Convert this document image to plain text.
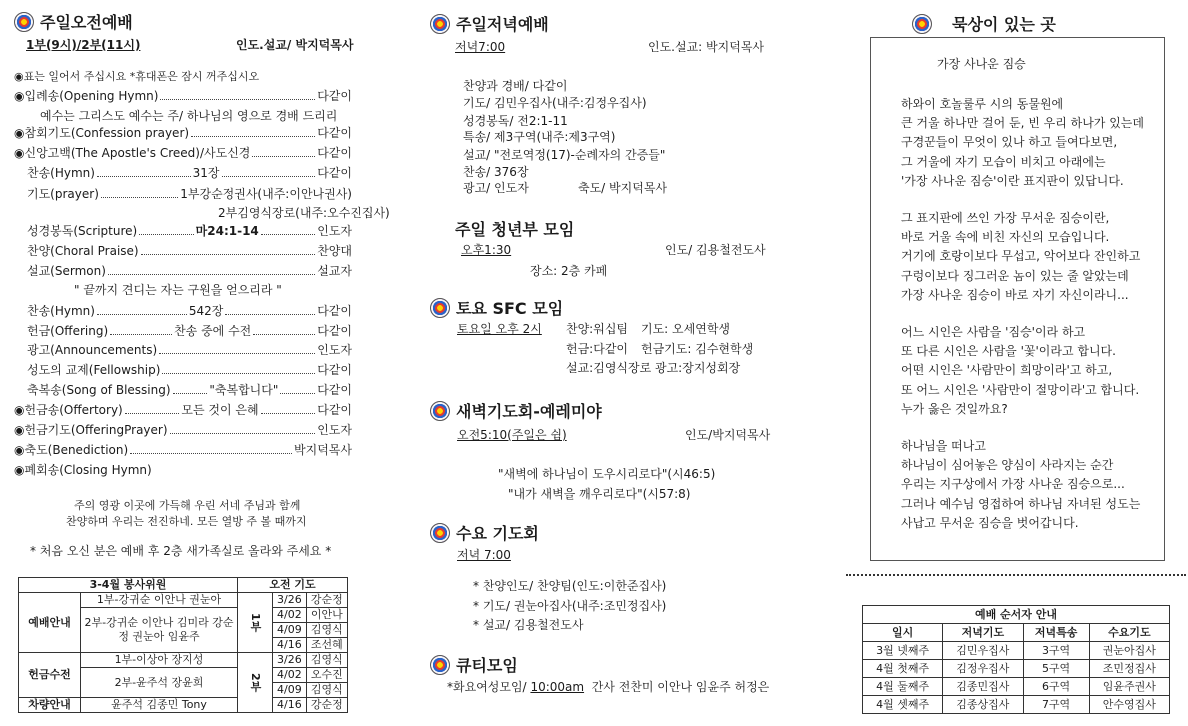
주일오전예배
1부(9시)/2부(11시)	인도.설교/ 박지덕목사
◉표는 일어서 주십시요 *휴대폰은 잠시 꺼주십시오
◉입례송(Opening Hymn)	다같이
예수는 그리스도 예수는 주/ 하나님의 영으로 경배 드리리
◉참회기도(Confession prayer)	다같이
◉신앙고백(The Apostle's Creed)/사도신경	다같이
찬송(Hymn)	31장	다같이
기도(prayer)	1부강순정권사(내주:이안나권사)
2부김영식장로(내주:오수진집사)
성경봉독(Scripture)	마24:1-14	인도자
찬양(Choral Praise)	찬양대
설교(Sermon)	설교자
" 끝까지 견디는 자는 구원을 얻으리라 "
찬송(Hymn)	542장	다같이
헌금(Offering)	찬송 중에 수전	다같이
광고(Announcements)	인도자
성도의 교제(Fellowship)	다같이
축복송(Song of Blessing)	"축복합니다"	다같이
◉헌금송(Offertory)	모든 것이 은혜	다같이
◉헌금기도(OfferingPrayer)	인도자
◉축도(Benediction)	박지덕목사
◉폐회송(Closing Hymn)
주의 영광 이곳에 가득해 우린 서네 주님과 함께
찬양하며 우리는 전진하네. 모든 열방 주 볼 때까지
* 처음 오신 분은 예배 후 2층 새가족실로 올라와 주세요 *
3-4월 봉사위원		오전 기도		
예배안내	1부-강귀순 이안나 권눈아	1부	3/26	강순정
	2부-강귀순 이안나 김미라 강순정 권눈아 임윤주		4/02	이안나
			4/09	김영식
			4/16	조선혜
헌금수전	1부-이상아 장지성	2부	3/26	김영식
	2부-윤주석 장윤희		4/02	오수진
			4/09	김영식
차량안내	윤주석 김종민 Tony		4/16	강순정
주일저녁예배
저녁7:00	인도.설교: 박지덕목사
찬양과 경배/ 다같이
기도/ 김민우집사(내주:김정우집사)
성경봉독/ 전2:1-11
특송/ 제3구역(내주:제3구역)
설교/ "전로역정(17)-순례자의 간증들"
찬송/ 376장
광고/ 인도자	축도/ 박지덕목사
주일 청년부 모임
오후1:30	인도/ 김용철전도사
장소: 2층 카페
토요 SFC 모임
토요일 오후 2시 찬양:워십팀 기도: 오세연학생
헌금:다같이 헌금기도: 김수현학생
설교:김영식장로 광고:장지성회장
새벽기도회-예레미야
오전5:10(주일은 쉼)	인도/박지덕목사
"새벽에 하나님이 도우시리로다"(시46:5)
"내가 새벽을 깨우리로다"(시57:8)
수요 기도회
저녁 7:00
* 찬양인도/ 찬양팀(인도:이한준집사)
* 기도/ 권눈아집사(내주:조민정집사)
* 설교/ 김용철전도사
큐티모임
*화요여성모임/ 10:00am 간사 전찬미 이안나 임윤주 허정은
묵상이 있는 곳
가장 사나운 짐승
하와이 호놀룰루 시의 동물원에
큰 거울 하나만 걸어 둔, 빈 우리 하나가 있는데
구경꾼들이 무엇이 있나 하고 들여다보면,
그 거울에 자기 모습이 비치고 아래에는
'가장 사나운 짐승'이란 표지판이 있답니다.
그 표지판에 쓰인 가장 무서운 짐승이란,
바로 거울 속에 비친 자신의 모습입니다.
거기에 호랑이보다 무섭고, 악어보다 잔인하고
구렁이보다 징그러운 놈이 있는 줄 알았는데
가장 사나운 짐승이 바로 자기 자신이라니...
어느 시인은 사람을 '짐승'이라 하고
또 다른 시인은 사람을 '꽃'이라고 합니다.
어떤 시인은 '사람만이 희망이라'고 하고,
또 어느 시인은 '사람만이 절망이라'고 합니다.
누가 옳은 것일까요?
하나님을 떠나고
하나님이 심어놓은 양심이 사라지는 순간
우리는 지구상에서 가장 사나운 짐승으로...
그러나 예수님 영접하여 하나님 자녀된 성도는
사납고 무서운 짐승을 벗어갑니다.
예배 순서자 안내			
일시	저녁기도	저녁특송	수요기도
3월 넷째주	김민우집사	3구역	권눈아집사
4월 첫째주	김정우집사	5구역	조민정집사
4월 둘째주	김종민집사	6구역	임윤주권사
4월 셋째주	김종상집사	7구역	안수영집사
